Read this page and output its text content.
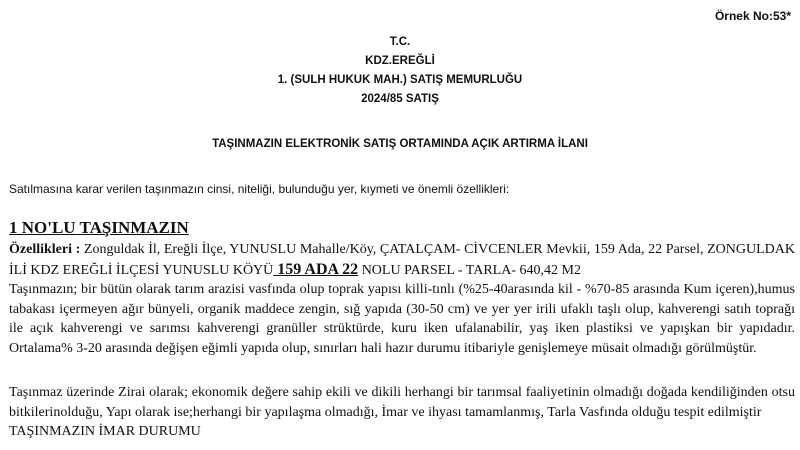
Örnek No:53*
T.C.
KDZ.EREĞLİ
1. (SULH HUKUK MAH.) SATIŞ MEMURLUĞU
2024/85 SATIŞ
TAŞINMAZIN ELEKTRONİK SATIŞ ORTAMINDA AÇIK ARTIRMA İLANI
Satılmasına karar verilen taşınmazın cinsi, niteliği, bulunduğu yer, kıymeti ve önemli özellikleri:
1 NO'LU TAŞINMAZIN

Özellikleri : Zonguldak İl, Ereğli İlçe, YUNUSLU Mahalle/Köy, ÇATALÇAM- CİVCENLER Mevkii, 159 Ada, 22 Parsel, ZONGULDAK İLİ KDZ EREĞLİ İLÇESİ YUNUSLU KÖYÜ 159 ADA 22 NOLU PARSEL - TARLA- 640,42 M2

Taşınmazın; bir bütün olarak tarım arazisi vasfında olup toprak yapısı killi-tınlı (%25-40arasında kil - %70-85 arasında Kum içeren),humus tabakası içermeyen ağır bünyeli, organik maddece zengin, sığ yapıda (30-50 cm) ve yer yer irili ufaklı taşlı olup, kahverengi satıh toprağı ile açık kahverengi ve sarımsı kahverengi granüller strüktürde, kuru iken ufalanabilir, yaş iken plastiksi ve yapışkan bir yapıdadır. Ortalama% 3-20 arasında değişen eğimli yapıda olup, sınırları hali hazır durumu itibariyle genişlemeye müsait olmadığı görülmüştür.

Taşınmaz üzerinde Zirai olarak; ekonomik değere sahip ekili ve dikili herhangi bir tarımsal faaliyetinin olmadığı doğada kendiliğinden otsu bitkilerinolduğu, Yapı olarak ise;herhangi bir yapılaşma olmadığı, İmar ve ihyası tamamlanmış, Tarla Vasfında olduğu tespit edilmiştir

TAŞINMAZIN İMAR DURUMU
